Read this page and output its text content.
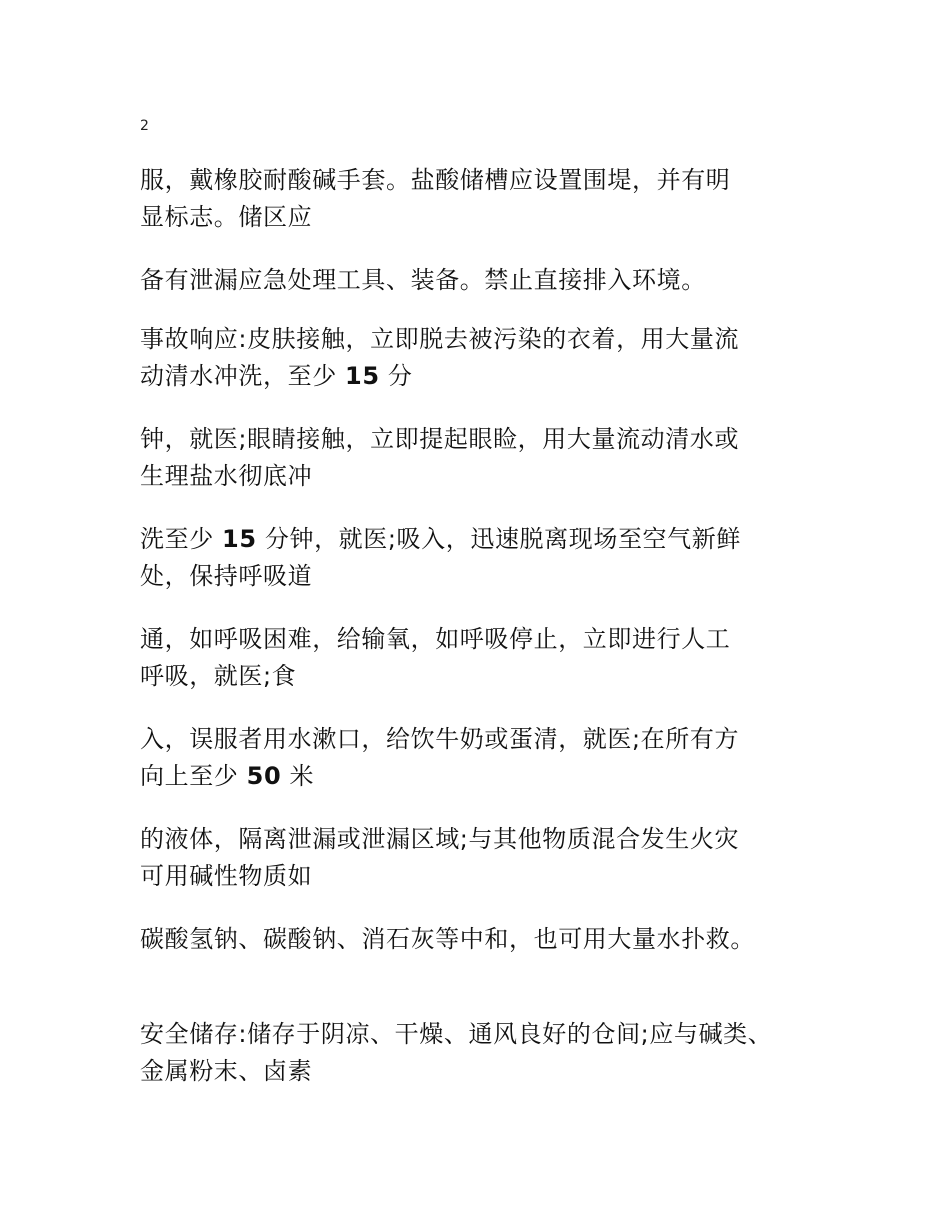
2
服，戴橡胶耐酸碱手套。盐酸储槽应设置围堤，并有明
显标志。储区应
备有泄漏应急处理工具、装备。禁止直接排入环境。
事故响应:皮肤接触，立即脱去被污染的衣着，用大量流
动清水冲洗，至少 15 分
钟，就医;眼睛接触，立即提起眼睑，用大量流动清水或
生理盐水彻底冲
洗至少 15 分钟，就医;吸入，迅速脱离现场至空气新鲜
处，保持呼吸道
通，如呼吸困难，给输氧，如呼吸停止，立即进行人工
呼吸，就医;食
入，误服者用水漱口，给饮牛奶或蛋清，就医;在所有方
向上至少 50 米
的液体，隔离泄漏或泄漏区域;与其他物质混合发生火灾
可用碱性物质如
碳酸氢钠、碳酸钠、消石灰等中和，也可用大量水扑救。
安全储存:储存于阴凉、干燥、通风良好的仓间;应与碱类、
金属粉末、卤素
